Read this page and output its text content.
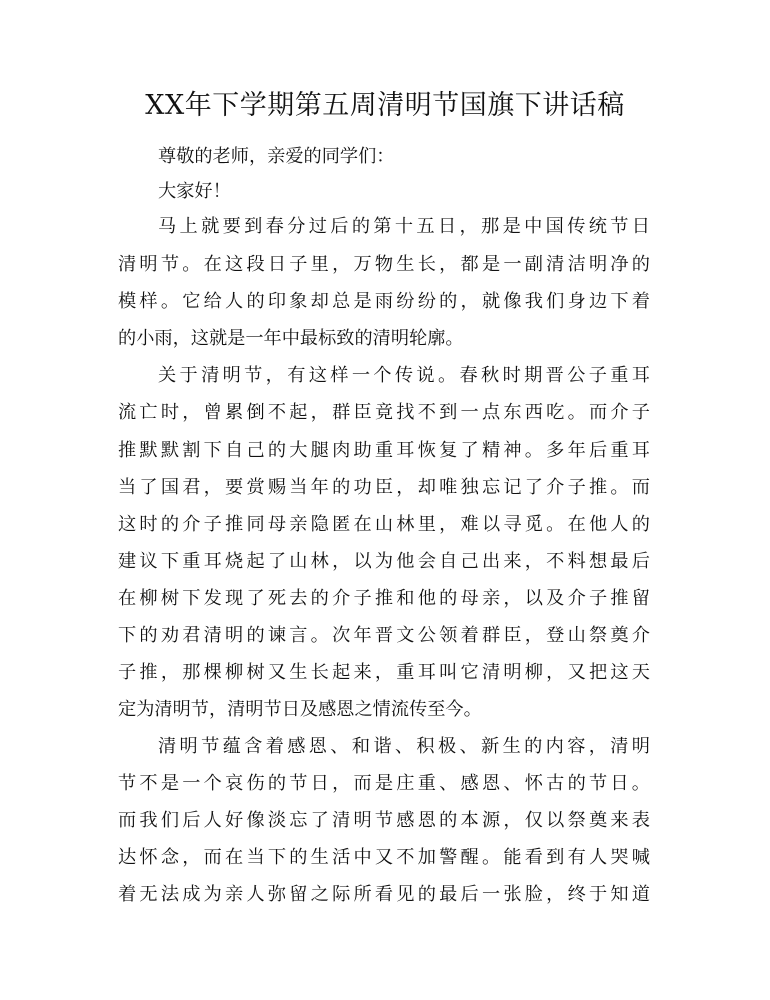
XX年下学期第五周清明节国旗下讲话稿
尊敬的老师，亲爱的同学们：
大家好！
马上就要到春分过后的第十五日，那是中国传统节日
清明节。在这段日子里，万物生长，都是一副清洁明净的
模样。它给人的印象却总是雨纷纷的，就像我们身边下着
的小雨，这就是一年中最标致的清明轮廓。
关于清明节，有这样一个传说。春秋时期晋公子重耳
流亡时，曾累倒不起，群臣竟找不到一点东西吃。而介子
推默默割下自己的大腿肉助重耳恢复了精神。多年后重耳
当了国君，要赏赐当年的功臣，却唯独忘记了介子推。而
这时的介子推同母亲隐匿在山林里，难以寻觅。在他人的
建议下重耳烧起了山林，以为他会自己出来，不料想最后
在柳树下发现了死去的介子推和他的母亲，以及介子推留
下的劝君清明的谏言。次年晋文公领着群臣，登山祭奠介
子推，那棵柳树又生长起来，重耳叫它清明柳，又把这天
定为清明节，清明节日及感恩之情流传至今。
清明节蕴含着感恩、和谐、积极、新生的内容，清明
节不是一个哀伤的节日，而是庄重、感恩、怀古的节日。
而我们后人好像淡忘了清明节感恩的本源，仅以祭奠来表
达怀念，而在当下的生活中又不加警醒。能看到有人哭喊
着无法成为亲人弥留之际所看见的最后一张脸，终于知道
